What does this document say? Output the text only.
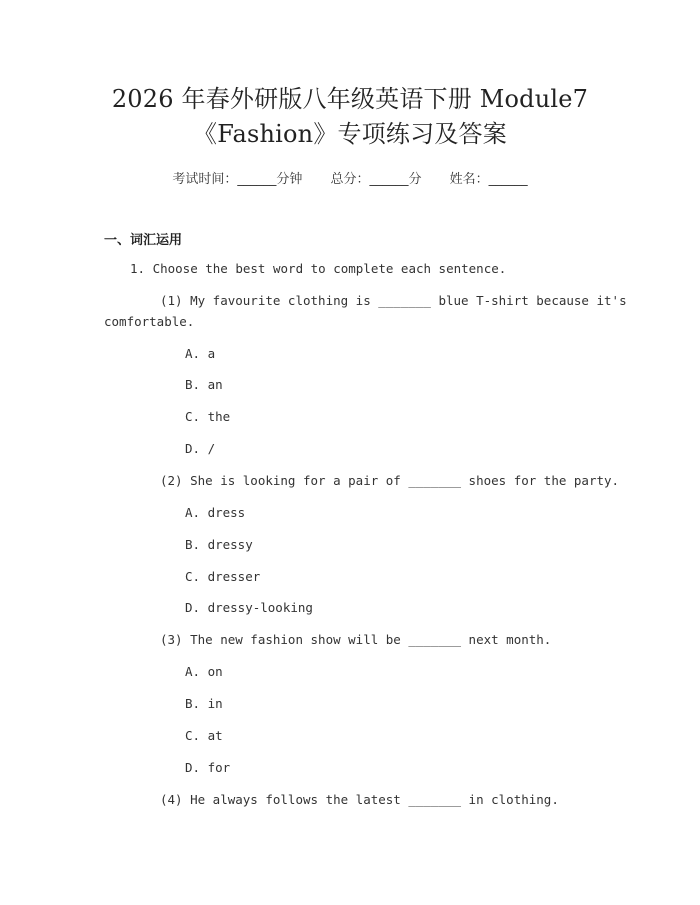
2026 年春外研版八年级英语下册 Module7
《Fashion》专项练习及答案
考试时间：______分钟 总分：______分 姓名：______
一、词汇运用
1. Choose the best word to complete each sentence.
(1) My favourite clothing is _______ blue T-shirt because it's
comfortable.
A. a
B. an
C. the
D. /
(2) She is looking for a pair of _______ shoes for the party.
A. dress
B. dressy
C. dresser
D. dressy-looking
(3) The new fashion show will be _______ next month.
A. on
B. in
C. at
D. for
(4) He always follows the latest _______ in clothing.
